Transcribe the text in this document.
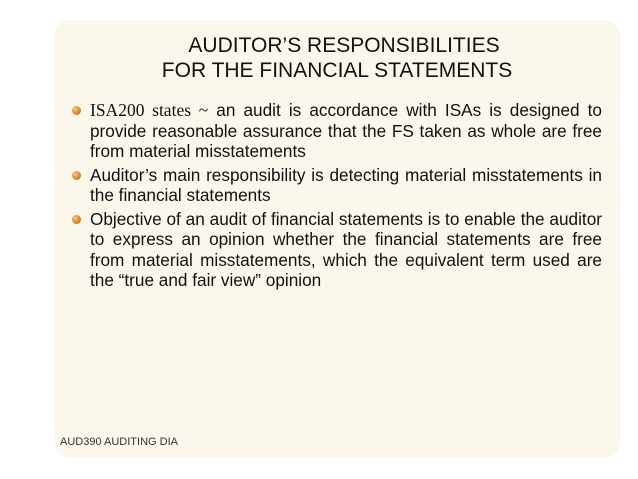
AUDITOR’S RESPONSIBILITIES
FOR THE FINANCIAL STATEMENTS
ISA200 states ~ an audit is accordance with ISAs is designed to provide reasonable assurance that the FS taken as whole are free from material misstatements
Auditor’s main responsibility is detecting material misstatements in the financial statements
Objective of an audit of financial statements is to enable the auditor to express an opinion whether the financial statements are free from material misstatements, which the equivalent term used are the “true and fair view” opinion
AUD390 AUDITING DIA
